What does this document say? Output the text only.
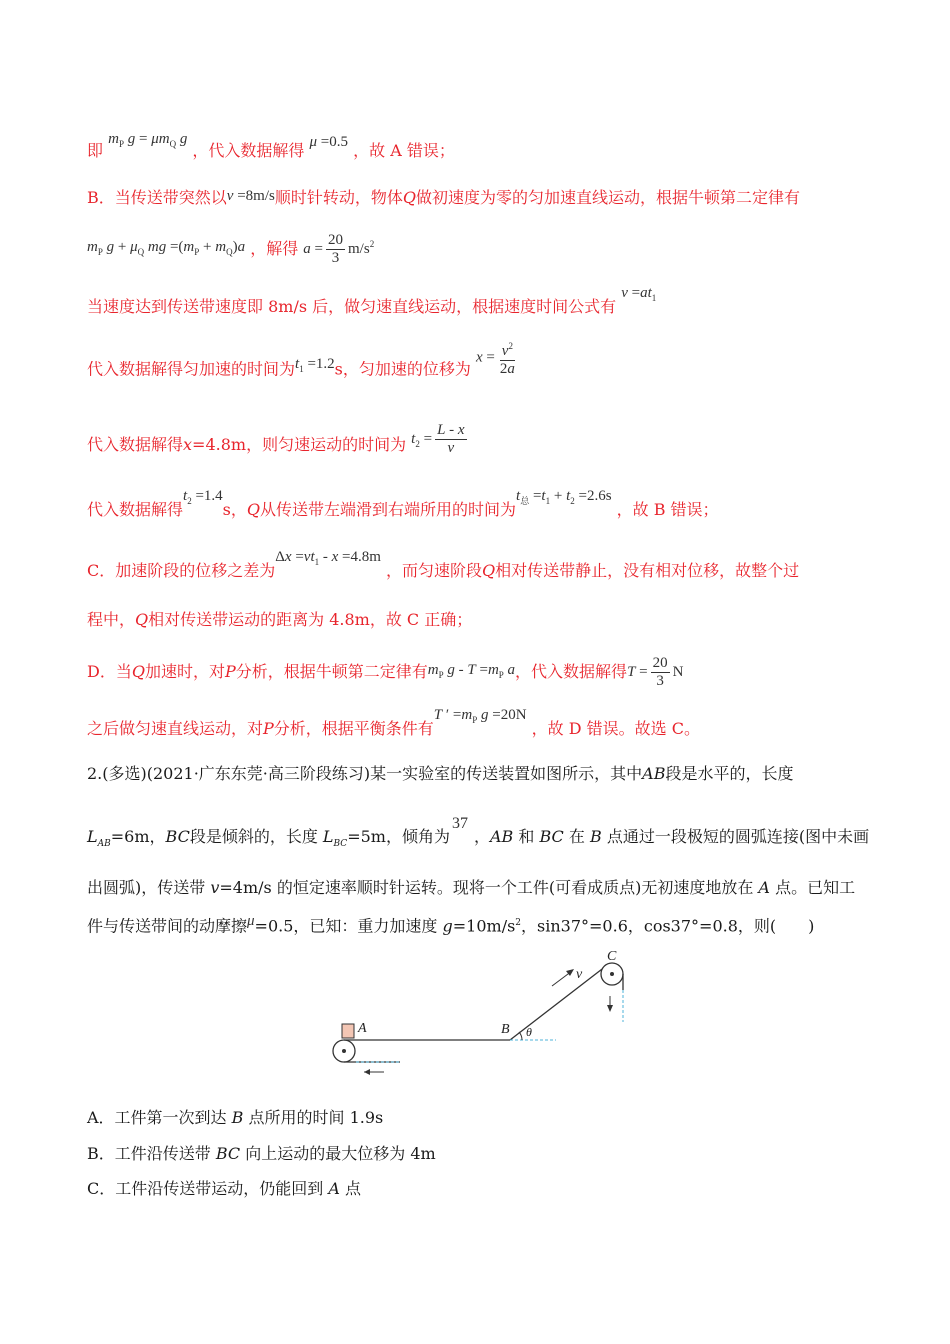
即 $m_P$ $g = \mu m_Q$ g ，代入数据解得 μ =0.5 ，故 A 错误；
B．当传送带突然以v =8m/s顺时针转动，物体Q做初速度为零的匀加速直线运动，根据牛顿第二定律有
$m_P$ $g + \mu_Q$ mg $=(m_P + m_Q)a$ ，解得 $a = \frac{20}{3} m/s^2$
当速度达到传送带速度即 8m/s 后，做匀速直线运动，根据速度时间公式有 $v =at_1$
代入数据解得匀加速的时间为$t_1 =1.2s$，匀加速的位移为 $x = \frac{v^2}{2a}$
代入数据解得x=4.8m，则匀速运动的时间为 $t_2 = \frac{L - x}{v}$
代入数据解得$t_2 =1.4s$，Q从传送带左端滑到右端所用的时间为$t_总 =t_1 + t_2 =2.6s$ ，故 B 错误；
C．加速阶段的位移之差为$\Delta x =vt_1 - x =4.8m$ ，而匀速阶段Q相对传送带静止，没有相对位移，故整个过
程中，Q相对传送带运动的距离为 4.8m，故 C 正确；
D．当Q加速时，对P分析，根据牛顿第二定律有$m_P$ $g - T =m_P$ a，代入数据解得$T = \frac{20}{3}$ N
之后做匀速直线运动，对P分析，根据平衡条件有T ′ $=m_P$ g =20N ，故 D 错误。故选 C。
2.(多选)(2021·广东东莞·高三阶段练习)某一实验室的传送装置如图所示，其中AB段是水平的，长度
$L_{AB}=6m$，BC段是倾斜的，长度 $L_{BC}=5m$，倾角为37，AB 和 BC 在 B 点通过一段极短的圆弧连接(图中未画
出圆弧)，传送带 v=4m/s 的恒定速率顺时针运转。现将一个工件(可看成质点)无初速度地放在 A 点。已知工
件与传送带间的动摩擦μ=0.5，已知：重力加速度 $g=10m/s^2$，sin37°=0.6，cos37°=0.8，则(　　)
A	B θ
C
v
A．工件第一次到达 B 点所用的时间 1.9s
B．工件沿传送带 BC 向上运动的最大位移为 4m
C．工件沿传送带运动，仍能回到 A 点
